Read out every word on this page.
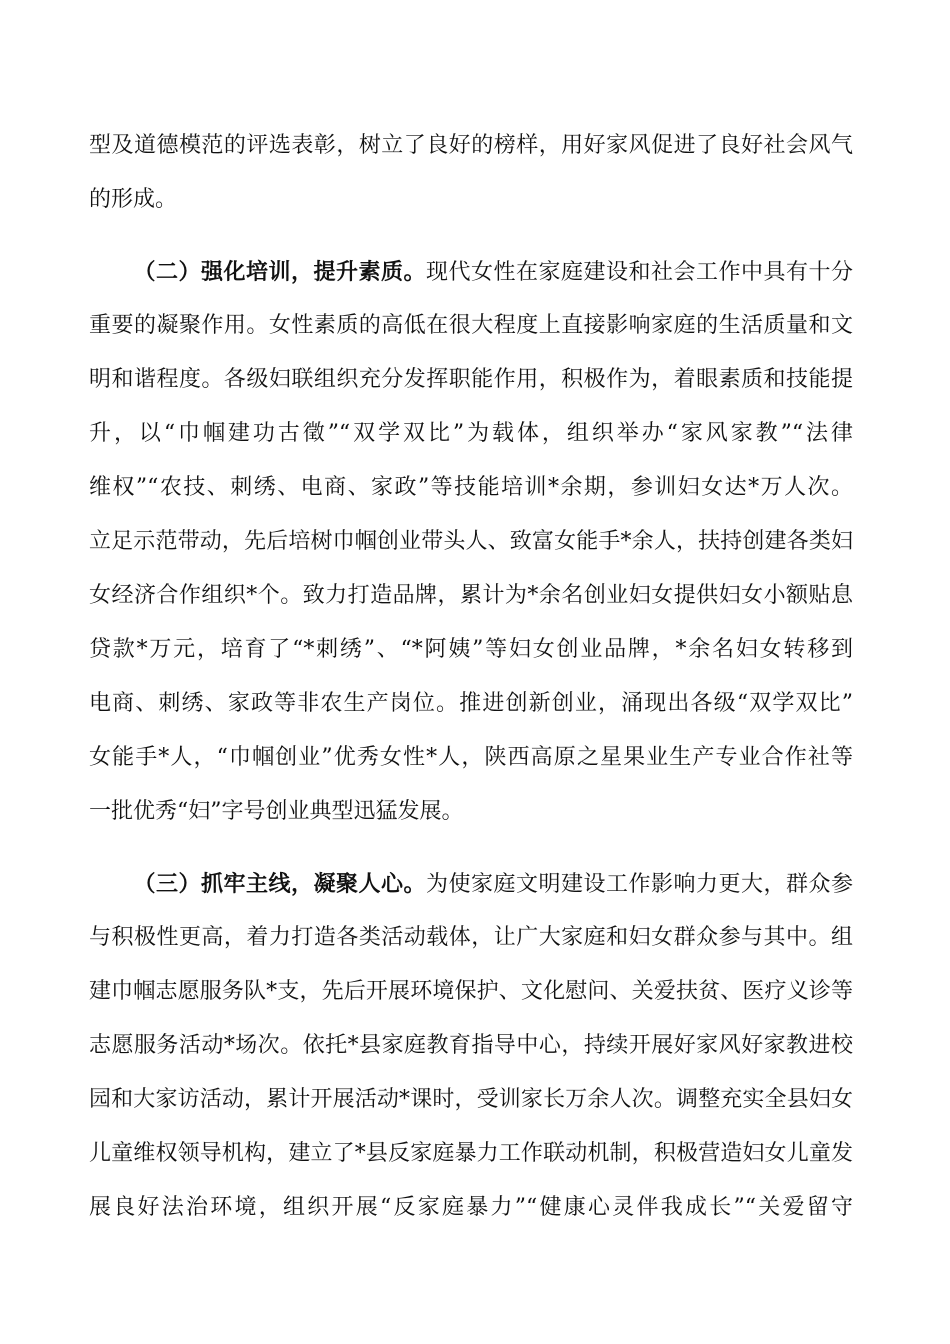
型及道德模范的评选表彰，树立了良好的榜样，用好家风促进了良好社会风气
的形成。
（二）强化培训，提升素质。现代女性在家庭建设和社会工作中具有十分
重要的凝聚作用。女性素质的高低在很大程度上直接影响家庭的生活质量和文
明和谐程度。各级妇联组织充分发挥职能作用，积极作为，着眼素质和技能提
升，以“巾帼建功古徵”“双学双比”为载体，组织举办“家风家教”“法律
维权”“农技、刺绣、电商、家政”等技能培训*余期，参训妇女达*万人次。
立足示范带动，先后培树巾帼创业带头人、致富女能手*余人，扶持创建各类妇
女经济合作组织*个。致力打造品牌，累计为*余名创业妇女提供妇女小额贴息
贷款*万元，培育了“*刺绣”、“*阿姨”等妇女创业品牌，*余名妇女转移到
电商、刺绣、家政等非农生产岗位。推进创新创业，涌现出各级“双学双比”
女能手*人，“巾帼创业”优秀女性*人，陕西高原之星果业生产专业合作社等
一批优秀“妇”字号创业典型迅猛发展。
（三）抓牢主线，凝聚人心。为使家庭文明建设工作影响力更大，群众参
与积极性更高，着力打造各类活动载体，让广大家庭和妇女群众参与其中。组
建巾帼志愿服务队*支，先后开展环境保护、文化慰问、关爱扶贫、医疗义诊等
志愿服务活动*场次。依托*县家庭教育指导中心，持续开展好家风好家教进校
园和大家访活动，累计开展活动*课时，受训家长万余人次。调整充实全县妇女
儿童维权领导机构，建立了*县反家庭暴力工作联动机制，积极营造妇女儿童发
展良好法治环境，组织开展“反家庭暴力”“健康心灵伴我成长”“关爱留守
